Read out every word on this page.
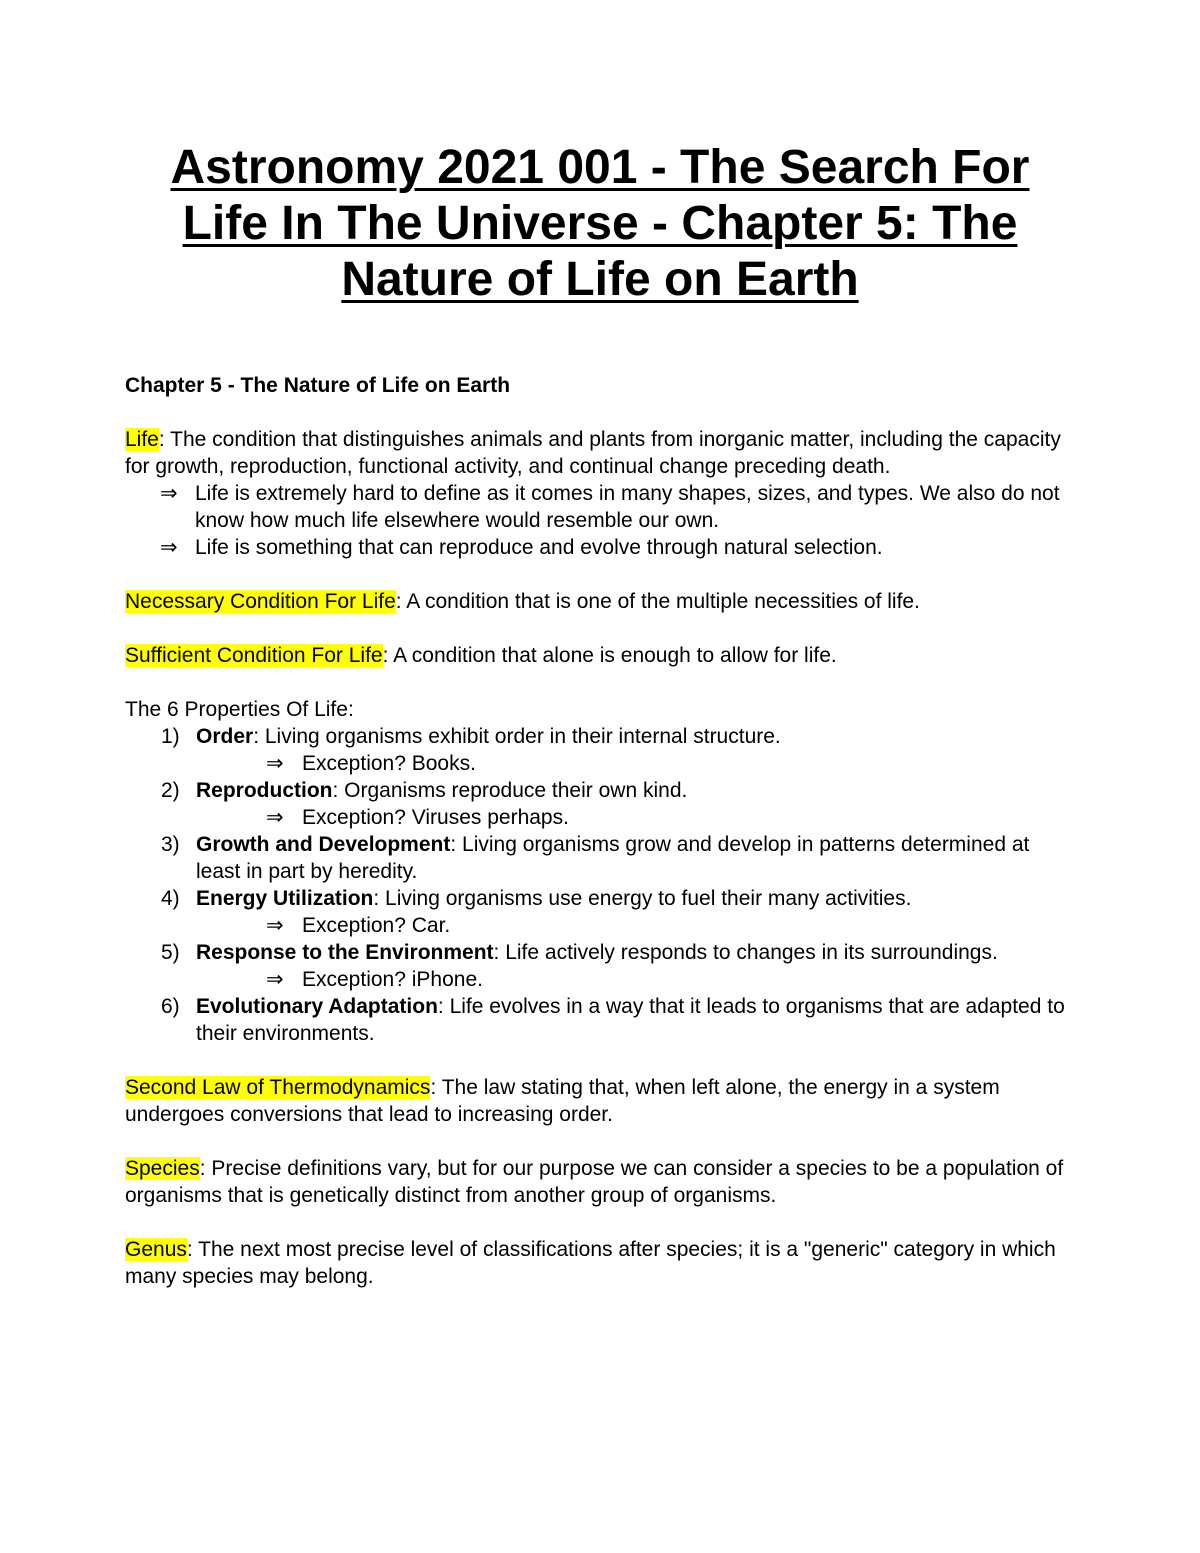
Astronomy 2021 001 - The Search For Life In The Universe - Chapter 5: The Nature of Life on Earth

Chapter 5 - The Nature of Life on Earth

Life: The condition that distinguishes animals and plants from inorganic matter, including the capacity for growth, reproduction, functional activity, and continual change preceding death.

⇒ Life is extremely hard to define as it comes in many shapes, sizes, and types. We also do not know how much life elsewhere would resemble our own.
⇒ Life is something that can reproduce and evolve through natural selection.

Necessary Condition For Life: A condition that is one of the multiple necessities of life.

Sufficient Condition For Life: A condition that alone is enough to allow for life.

The 6 Properties Of Life:

1) Order: Living organisms exhibit order in their internal structure.
⇒ Exception? Books.
2) Reproduction: Organisms reproduce their own kind.
⇒ Exception? Viruses perhaps.
3) Growth and Development: Living organisms grow and develop in patterns determined at least in part by heredity.
4) Energy Utilization: Living organisms use energy to fuel their many activities.
⇒ Exception? Car.
5) Response to the Environment: Life actively responds to changes in its surroundings.
⇒ Exception? iPhone.
6) Evolutionary Adaptation: Life evolves in a way that it leads to organisms that are adapted to their environments.

Second Law of Thermodynamics: The law stating that, when left alone, the energy in a system undergoes conversions that lead to increasing order.

Species: Precise definitions vary, but for our purpose we can consider a species to be a population of organisms that is genetically distinct from another group of organisms.

Genus: The next most precise level of classifications after species; it is a "generic" category in which many species may belong.
